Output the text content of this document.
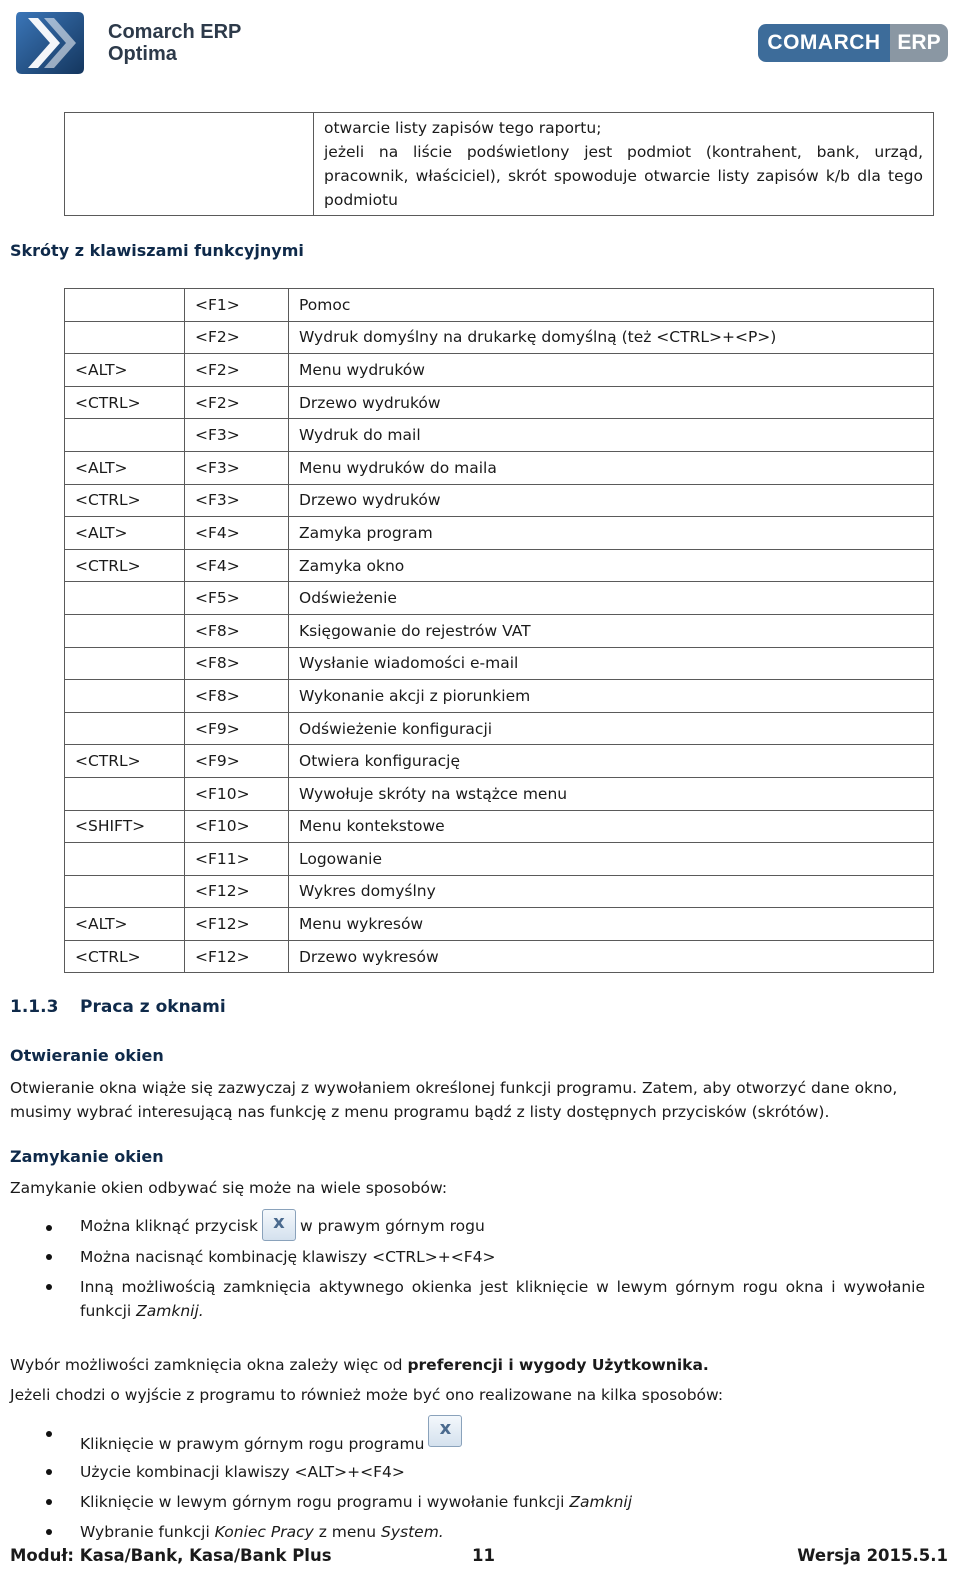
Comarch ERP
Optima	COMARCH ERP

otwarcie listy zapisów tego raportu;
jeżeli na liście podświetlony jest podmiot (kontrahent, bank, urząd, pracownik, właściciel), skrót spowoduje otwarcie listy zapisów k/b dla tego podmiotu
Skróty z klawiszami funkcyjnymi
	<F1>	Pomoc
	<F2>	Wydruk domyślny na drukarkę domyślną (też <CTRL>+<P>)
<ALT>	<F2>	Menu wydruków
<CTRL>	<F2>	Drzewo wydruków
	<F3>	Wydruk do mail
<ALT>	<F3>	Menu wydruków do maila
<CTRL>	<F3>	Drzewo wydruków
<ALT>	<F4>	Zamyka program
<CTRL>	<F4>	Zamyka okno
	<F5>	Odświeżenie
	<F8>	Księgowanie do rejestrów VAT
	<F8>	Wysłanie wiadomości e-mail
	<F8>	Wykonanie akcji z piorunkiem
	<F9>	Odświeżenie konfiguracji
<CTRL>	<F9>	Otwiera konfigurację
	<F10>	Wywołuje skróty na wstążce menu
<SHIFT>	<F10>	Menu kontekstowe
	<F11>	Logowanie
	<F12>	Wykres domyślny
<ALT>	<F12>	Menu wykresów
<CTRL>	<F12>	Drzewo wykresów
1.1.3 Praca z oknami
Otwieranie okien
Otwieranie okna wiąże się zazwyczaj z wywołaniem określonej funkcji programu. Zatem, aby otworzyć dane okno, musimy wybrać interesującą nas funkcję z menu programu bądź z listy dostępnych przycisków (skrótów).
Zamykanie okien
Zamykanie okien odbywać się może na wiele sposobów:
Można kliknąć przycisk x w prawym górnym rogu
Można nacisnąć kombinację klawiszy <CTRL>+<F4>
Inną możliwością zamknięcia aktywnego okienka jest kliknięcie w lewym górnym rogu okna i wywołanie funkcji Zamknij.
Wybór możliwości zamknięcia okna zależy więc od preferencji i wygody Użytkownika.
Jeżeli chodzi o wyjście z programu to również może być ono realizowane na kilka sposobów:
Kliknięcie w prawym górnym rogu programu
x
Użycie kombinacji klawiszy <ALT>+<F4>
Kliknięcie w lewym górnym rogu programu i wywołanie funkcji Zamknij
Wybranie funkcji Koniec Pracy z menu System.
Moduł: Kasa/Bank, Kasa/Bank Plus	11	Wersja 2015.5.1
